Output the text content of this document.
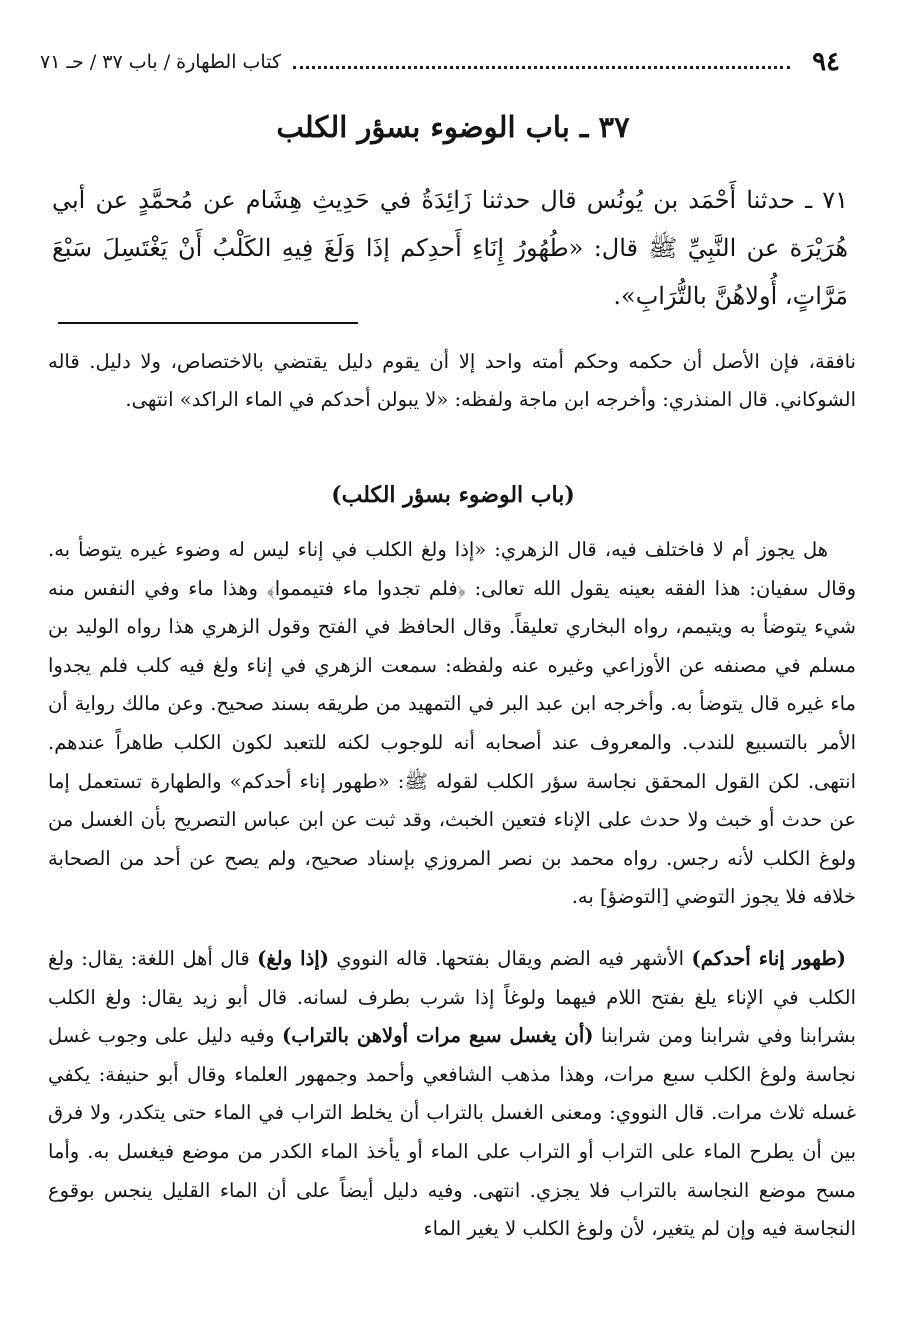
٩٤
كتاب الطهارة / باب ٣٧ / حـ ٧١
٣٧ ـ باب الوضوء بسؤر الكلب
٧١ ـ حدثنا أَحْمَد بن يُونُس قال حدثنا زَائِدَةُ في حَدِيثِ هِشَام عن مُحمَّدٍ عن أبي هُرَيْرَة عن النَّبِيِّ ﷺ قال: «طُهُورُ إِنَاءِ أَحدِكم إذَا وَلَغَ فِيهِ الكَلْبُ أَنْ يَغْتَسِلَ سَبْعَ مَرَّاتٍ، أُولاهُنَّ بالتُّرَابِ».
نافقة، فإن الأصل أن حكمه وحكم أمته واحد إلا أن يقوم دليل يقتضي بالاختصاص، ولا دليل. قاله الشوكاني. قال المنذري: وأخرجه ابن ماجة ولفظه: «لا يبولن أحدكم في الماء الراكد» انتهى.
(باب الوضوء بسؤر الكلب)
هل يجوز أم لا فاختلف فيه، قال الزهري: «إذا ولغ الكلب في إناء ليس له وضوء غيره يتوضأ به. وقال سفيان: هذا الفقه بعينه يقول الله تعالى: ﴿فلم تجدوا ماء فتيمموا﴾ وهذا ماء وفي النفس منه شيء يتوضأ به ويتيمم، رواه البخاري تعليقاً. وقال الحافظ في الفتح وقول الزهري هذا رواه الوليد بن مسلم في مصنفه عن الأوزاعي وغيره عنه ولفظه: سمعت الزهري في إناء ولغ فيه كلب فلم يجدوا ماء غيره قال يتوضأ به. وأخرجه ابن عبد البر في التمهيد من طريقه بسند صحيح. وعن مالك رواية أن الأمر بالتسبيع للندب. والمعروف عند أصحابه أنه للوجوب لكنه للتعبد لكون الكلب طاهراً عندهم. انتهى. لكن القول المحقق نجاسة سؤر الكلب لقوله ﷺ: «طهور إناء أحدكم» والطهارة تستعمل إما عن حدث أو خبث ولا حدث على الإناء فتعين الخبث، وقد ثبت عن ابن عباس التصريح بأن الغسل من ولوغ الكلب لأنه رجس. رواه محمد بن نصر المروزي بإسناد صحيح، ولم يصح عن أحد من الصحابة خلافه فلا يجوز التوضي [التوضؤ] به.
(طهور إناء أحدكم) الأشهر فيه الضم ويقال بفتحها. قاله النووي (إذا ولغ) قال أهل اللغة: يقال: ولغ الكلب في الإناء يلغ بفتح اللام فيهما ولوغاً إذا شرب بطرف لسانه. قال أبو زيد يقال: ولغ الكلب بشرابنا وفي شرابنا ومن شرابنا (أن يغسل سبع مرات أولاهن بالتراب) وفيه دليل على وجوب غسل نجاسة ولوغ الكلب سبع مرات، وهذا مذهب الشافعي وأحمد وجمهور العلماء وقال أبو حنيفة: يكفي غسله ثلاث مرات. قال النووي: ومعنى الغسل بالتراب أن يخلط التراب في الماء حتى يتكدر، ولا فرق بين أن يطرح الماء على التراب أو التراب على الماء أو يأخذ الماء الكدر من موضع فيغسل به. وأما مسح موضع النجاسة بالتراب فلا يجزي. انتهى. وفيه دليل أيضاً على أن الماء القليل ينجس بوقوع النجاسة فيه وإن لم يتغير، لأن ولوغ الكلب لا يغير الماء
